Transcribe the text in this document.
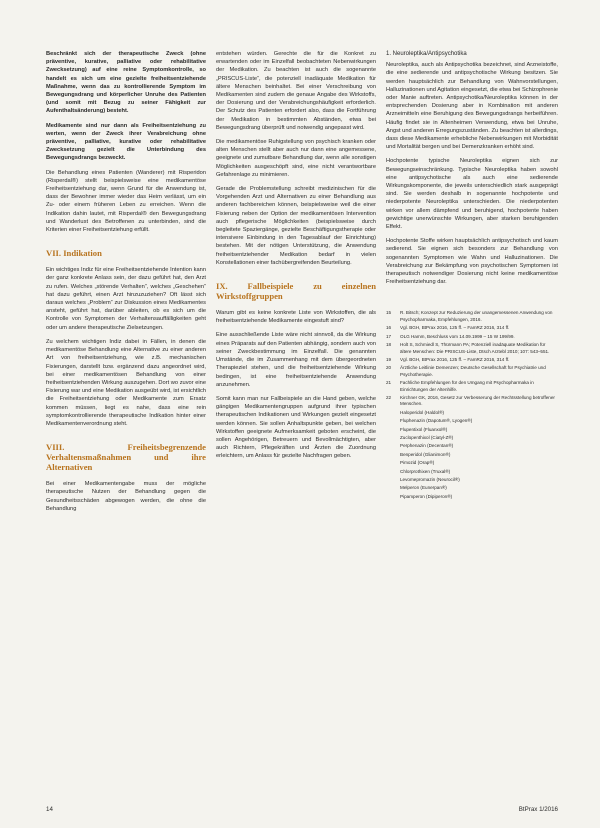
Beschränkt sich der therapeutische Zweck (ohne präventive, kurative, palliative oder rehabilitative Zwecksetzung) auf eine reine Symptomkontrolle, so handelt es sich um eine gezielte freiheitsentziehende Maßnahme, wenn das zu kontrollierende Symptom im Bewegungsdrang und körperlicher Unruhe des Patienten (und somit mit Bezug zu seiner Fähigkeit zur Aufenthaltsänderung) besteht.

Medikamente sind nur dann als Freiheitsentziehung zu werten, wenn der Zweck ihrer Verabreichung ohne präventive, palliative, kurative oder rehabilitative Zwecksetzung gezielt die Unterbindung des Bewegungsdrangs bezweckt.

Die Behandlung eines Patienten (Wanderer) mit Risperidon (Risperdal®) stellt beispielsweise eine medikamentöse Freiheitsentziehung dar, wenn Grund für die Anwendung ist, dass der Bewohner immer wieder das Heim verlässt, um ein Zu- oder einem früheren Leben zu erreichen. Wenn die Indikation dahin lautet, mit Risperdal® den Bewegungsdrang und Wanderlust des Betroffenen zu unterbinden, sind die Kriterien einer Freiheitsentziehung erfüllt.

VII. Indikation

Ein wichtiges Indiz für eine Freiheitsentziehende Intention kann der ganz konkrete Anlass sein, der dazu geführt hat, den Arzt zu rufen. Welches „störende Verhalten“, welches „Geschehen“ hat dazu geführt, einen Arzt hinzuzuziehen? Oft lässt sich daraus welches „Problem“ zur Diskussion eines Medikamentes ansteht, geführt hat, darüber ableiten, ob es sich um die Kontrolle von Symptomen der Verhaltensauffälligkeiten geht oder um andere therapeutische Zielsetzungen.

Zu welchem wichtigen Indiz dabei in Fällen, in denen die medikamentöse Behandlung eine Alternative zu einer anderen Art von freiheitsentziehung, wie z.B. mechanischen Fixierungen, darstellt bzw. ergänzend dazu angeordnet wird, bei einer medikamentösen Behandlung von einer freiheitsentziehenden Wirkung auszugehen. Dort wo zuvor eine Fixierung war und eine Medikation ausgeübt wird, ist ersichtlich die Freiheitsentziehung oder Medikamente zum Ersatz kommen müssen, liegt es nahe, dass eine rein symptomkontrollierende therapeutische Indikation hinter einer Medikamentenverordnung steht.

VIII. Freiheitsbegrenzende Verhaltensmaßnahmen und ihre Alternativen

Bei einer Medikamentengabe muss der mögliche therapeutische Nutzen der Behandlung gegen die Gesundheitsschäden abgewogen werden, die ohne die Behandlung

entstehen würden. Gerechte die für die Konkret zu erwartenden oder im Einzelfall beobachteten Nebenwirkungen der Medikation. Zu beachten ist auch die sogenannte „PRISCUS-Liste“, die potenziell inadäquate Medikation für ältere Menschen beinhaltet. Bei einer Verschreibung von Medikamenten sind zudem die genaue Angabe des Wirkstoffs, der Dosierung und der Verabreichungshäufigkeit erforderlich. Der Schutz des Patienten erfordert also, dass die Fortführung der Medikation in bestimmten Abständen, etwa bei Bewegungsdrang überprüft und notwendig angepasst wird.

Die medikamentöse Ruhigstellung von psychisch kranken oder alten Menschen stellt aber auch nur dann eine angemessene, geeignete und zumutbare Behandlung dar, wenn alle sonstigen Möglichkeiten ausgeschöpft sind, eine nicht verantwortbare Gefahrenlage zu minimieren.

Gerade die Problemstellung schreibt medizinischen für die Vorgehenden Arzt und Alternativen zu einer Behandlung aus anderen fachbereichen können, beispielsweise weil die einer Fixierung neben der Option der medikamentösen Intervention auch pflegerische Möglichkeiten (beispielsweise durch begleitete Spaziergänge, gezielte Beschäftigungstherapie oder intensivere Einbindung in den Tagesablauf der Einrichtung) bestehen. Mit der nötigen Unterstützung, die Anwendung freiheitsentziehender Medikation bedarf in vielen Konstellationen einer fachübergreifenden Beurteilung.

IX. Fallbeispiele zu einzelnen Wirkstoffgruppen

Warum gibt es keine konkrete Liste von Wirkstoffen, die als freiheitsentziehende Medikamente eingestuft sind?

Eine ausschließende Liste wäre nicht sinnvoll, da die Wirkung eines Präparats auf den Patienten abhängig, sondern auch von seiner Zweckbestimmung im Einzelfall. Die genannten Umstände, die im Zusammenhang mit dem übergeordneten Therapieziel stehen, und die freiheitsentziehende Wirkung bedingen, ist eine freiheitsentziehende Anwendung anzunehmen.

Somit kann man nur Fallbeispiele an die Hand geben, welche gängigen Medikamentengruppen aufgrund ihrer typischen therapeutischen Indikationen und Wirkungen gezielt eingesetzt werden können. Sie sollen Anhaltspunkte geben, bei welchen Wirkstoffen geeignete Aufmerksamkeit geboten erscheint, die sollen Angehörigen, Betreuern und Bevollmächtigten, aber auch Richtern, Pflegekräften und Ärzten die Zuordnung erleichtern, um Anlass für gezielte Nachfragen geben.

1. Neuroleptika/Antipsychotika

Neuroleptika, auch als Antipsychotika bezeichnet, sind Arzneistoffe, die eine sedierende und antipsychotische Wirkung besitzen. Sie werden hauptsächlich zur Behandlung von Wahnvorstellungen, Halluzinationen und Agitation eingesetzt, die etwa bei Schizophrenie oder Manie auftreten. Antipsychotika/Neuroleptika können in der entsprechenden Dosierung aber in Kombination mit anderen Arzneimitteln eine Beruhigung des Bewegungsdrangs herbeiführen. Häufig findet sie in Altenheimen Verwendung, etwa bei Unruhe, Angst und anderen Erregungszuständen. Zu beachten ist allerdings, dass diese Medikamente erhebliche Nebenwirkungen mit Morbidität und Mortalität bergen und bei Demenzkranken erhöht sind.

Hochpotente typische Neuroleptika eignen sich zur Bewegungseinschränkung. Typische Neuroleptika haben sowohl eine antipsychotische als auch eine sedierende Wirkungskomponente, die jeweils unterschiedlich stark ausgeprägt sind. Sie werden deshalb in sogenannte hochpotente und niederpotente Neuroleptika unterschieden. Die niederpotenten wirken vor allem dämpfend und beruhigend, hochpotente haben gewichtige unerwünschte Wirkungen, aber starken beruhigenden Effekt.

Hochpotente Stoffe wirken hauptsächlich antipsychotisch und kaum sedierend. Sie eignen sich besonders zur Behandlung von sogenannten Symptomen wie Wahn und Halluzinationen. Die Verabreichung zur Bekämpfung von psychotischen Symptomen ist therapeutisch notwendiger Dosierung nicht keine medikamentöse Freiheitsentziehung dar.

15	R. Bitsch; Konzept zur Reduzierung der unangemessenen Anwendung von Psychopharmaka, Empfehlungen, 2016.
16	Vgl. BGH, BtPrax 2016, 125 ff. – FamRZ 2016, 314 ff.
17	OLG Hamm, Beschluss vom 14.09.1999 – 15 W 199/99.
18	Holt S, Schmiedl S, Thürmann PA; Potenziell inadäquate Medikation für ältere Menschen: Die PRISCUS-Liste, Dtsch Arztebl 2010; 107: 543–551.
19	Vgl. BGH, BtPrax 2016, 125 ff. – FamRZ 2016, 314 ff.
20	Ärztliche Leitlinie Demenzen; Deutsche Gesellschaft für Psychiatrie und Psychotherapie.
21	Fachliche Empfehlungen für den Umgang mit Psychopharmaka in Einrichtungen der Altenhilfe.
22	Kirchner GK, 2016, Gesetz zur Verbesserung der Rechtsstellung betroffener Menschen.
Haloperidol (Haldol®)
Fluphenazin (Dapotum®, Lyogen®)
Flupentixol (Fluanxol®)
Zuclopenthixol (Ciatyl-Z®)
Perphenazin (Decentan®)
Benperidol (Glianimon®)
Pimozid (Orap®)
Chlorprothixen (Truxal®)
Levomepromazin (Neurocil®)
Melperon (Eunerpan®)
Pipamperon (Dipiperon®)
14	BtPrax 1/2016
